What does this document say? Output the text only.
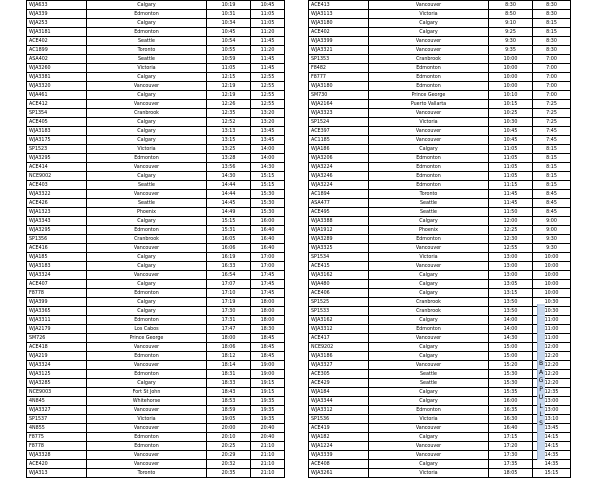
WJA633	Calgary	10:19	10:45
WJA339	Edmonton	10:31	11:05
WJA253	Calgary	10:34	11:05
WJA3181	Edmonton	10:45	11:20
ACE402	Seattle	10:54	11:45
AC1899	Toronto	10:55	11:20
ASA402	Seattle	10:59	11:45
WJA3260	Victoria	11:05	11:45
WJA3381	Calgary	12:15	12:55
WJA3320	Vancouver	12:19	12:55
WJA461	Calgary	12:19	12:55
ACE412	Vancouver	12:26	12:55
SP1354	Cranbrook	12:35	13:20
ACE405	Calgary	12:52	13:20
WJA3183	Calgary	13:13	13:45
WJA3175	Calgary	13:15	13:45
SP1523	Victoria	13:25	14:00
WJA3295	Edmonton	13:28	14:00
ACE414	Vancouver	13:56	14:30
NCE9002	Calgary	14:30	15:15
ACE403	Seattle	14:44	15:15
WJA3322	Vancouver	14:44	15:30
ACE426	Seattle	14:45	15:30
WJA1323	Phoenix	14:49	15:30
WJA3343	Calgary	15:15	16:00
WJA3295	Edmonton	15:31	16:40
SP1356	Cranbrook	16:05	16:40
ACE416	Vancouver	16:06	16:40
WJA185	Calgary	16:19	17:00
WJA3183	Calgary	16:33	17:00
WJA3324	Vancouver	16:54	17:45
ACE407	Calgary	17:07	17:45
F8778	Edmonton	17:10	17:45
WJA399	Calgary	17:19	18:00
WJA3365	Calgary	17:30	18:00
WJA3311	Edmonton	17:31	18:00
WJA2179	Los Cabos	17:47	18:30
SM726	Prince George	18:00	18:45
ACE418	Vancouver	18:06	18:45
WJA219	Edmonton	18:12	18:45
WJA3324	Vancouver	18:14	19:00
WJA3125	Edmonton	18:31	19:00
WJA3285	Calgary	18:33	19:15
NCE9003	Fort St John	18:43	19:15
4N845	Whitehorse	18:53	19:35
WJA3327	Vancouver	18:59	19:35
SP1537	Victoria	19:05	19:35
4N855	Vancouver	20:00	20:40
F8775	Edmonton	20:10	20:40
F8778	Edmonton	20:25	21:10
WJA3328	Vancouver	20:29	21:10
ACE420	Vancouver	20:32	21:10
WJA313	Toronto	20:35	21:10
ACE413	Vancouver	8:30	8:30
WJA3113	Victoria	8:50	8:30
WJA3180	Calgary	9:10	8:15
ACE402	Calgary	9:25	8:15
WJA3399	Vancouver	9:30	8:30
WJA3321	Vancouver	9:35	8:30
SP1353	Cranbrook	10:00	7:00
F8482	Edmonton	10:00	7:00
F8777	Edmonton	10:00	7:00
WJA3180	Edmonton	10:00	7:00
SM730	Prince George	10:10	7:00
WJA2164	Puerto Vallarta	10:15	7:25
WJA3323	Vancouver	10:25	7:25
SP1524	Victoria	10:30	7:25
ACE397	Vancouver	10:45	7:45
AC1185	Vancouver	10:45	7:45
WJA186	Calgary	11:05	8:15
WJA3206	Edmonton	11:05	8:15
WJA3224	Edmonton	11:05	8:15
WJA3246	Edmonton	11:05	8:15
WJA3224	Edmonton	11:15	8:15
AC1894	Toronto	11:45	8:45
ASA477	Seattle	11:45	8:45
ACE495	Seattle	11:50	8:45
WJA3388	Calgary	12:00	9:00
WJA1912	Phoenix	12:25	9:00
WJA3289	Edmonton	12:30	9:30
WJA3325	Vancouver	12:55	9:30
SP1534	Victoria	13:00	10:00
ACE415	Vancouver	13:00	10:00
WJA3162	Calgary	13:00	10:00
WJA480	Calgary	13:05	10:00
ACE406	Calgary	13:15	10:00
SP1525	Cranbrook	13:50	10:30
SP1533	Cranbrook	13:50	10:30
WJA3162	Calgary	14:00	11:00
WJA3312	Edmonton	14:00	11:00
ACE417	Vancouver	14:30	11:00
NCE9202	Calgary	15:00	12:00
WJA3186	Calgary	15:00	12:20
WJA3327	Vancouver	15:20	12:20
ACE305	Seattle	15:30	12:20
ACE429	Seattle	15:30	12:20
WJA184	Calgary	15:35	12:35
WJA3344	Calgary	16:00	13:00
WJA3312	Edmonton	16:35	13:00
SP1536	Victoria	16:30	13:10
ACE419	Vancouver	16:40	13:45
WJA182	Calgary	17:15	14:15
WJA1224	Vancouver	17:20	14:15
WJA3339	Vancouver	17:30	14:35
ACE408	Calgary	17:35	14:35
WJA3261	Victoria	18:05	15:15
BAG PULLS
